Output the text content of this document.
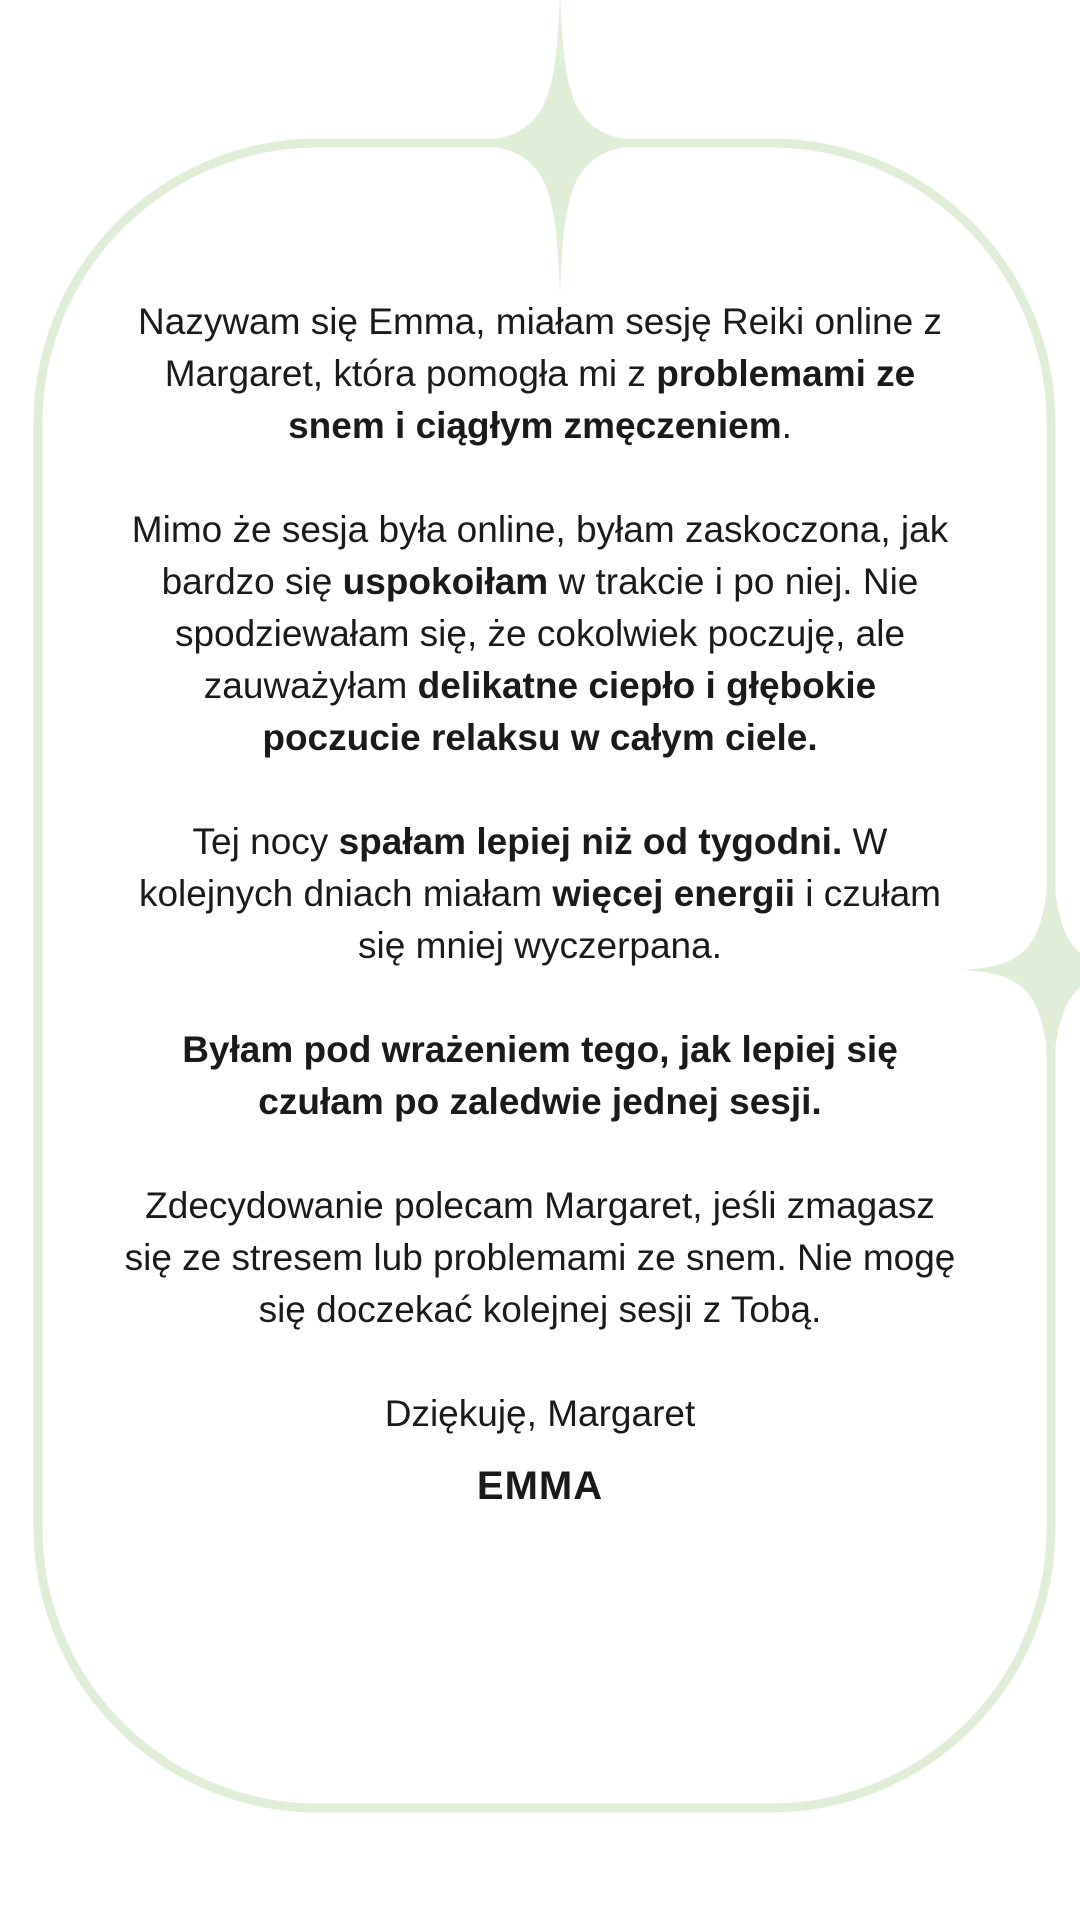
Nazywam się Emma, miałam sesję Reiki online z Margaret, która pomogła mi z problemami ze snem i ciągłym zmęczeniem.

Mimo że sesja była online, byłam zaskoczona, jak bardzo się uspokoiłam w trakcie i po niej. Nie spodziewałam się, że cokolwiek poczuję, ale zauważyłam delikatne ciepło i głębokie poczucie relaksu w całym ciele.

Tej nocy spałam lepiej niż od tygodni. W kolejnych dniach miałam więcej energii i czułam się mniej wyczerpana.

Byłam pod wrażeniem tego, jak lepiej się czułam po zaledwie jednej sesji.

Zdecydowanie polecam Margaret, jeśli zmagasz się ze stresem lub problemami ze snem. Nie mogę się doczekać kolejnej sesji z Tobą.

Dziękuję, Margaret

EMMA
